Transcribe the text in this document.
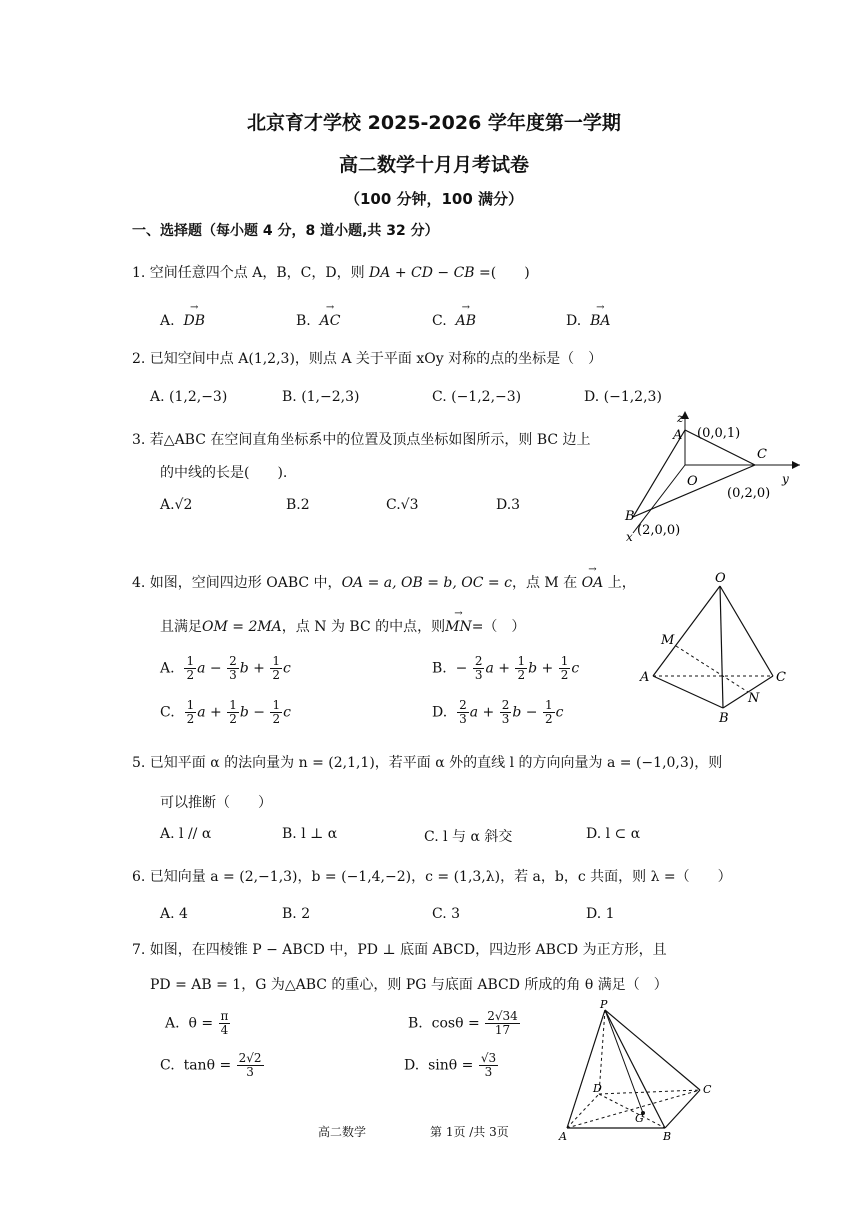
北京育才学校 2025-2026 学年度第一学期
高二数学十月月考试卷
（100 分钟，100 满分）
一、选择题（每小题 4 分，8 道小题,共 32 分）
1. 空间任意四个点 A，B，C，D，则 DA + CD − CB =(　　)
A. → DB	B. → AC	C. → AB	D. → BA
2. 已知空间中点 A(1,2,3)，则点 A 关于平面 xOy 对称的点的坐标是（　）
A. (1,2,−3)	B. (1,−2,3)	C. (−1,2,−3)	D. (−1,2,3)
3. 若△ABC 在空间直角坐标系中的位置及顶点坐标如图所示，则 BC 边上
的中线的长是(　　).
A.√2	B.2	C.√3	D.3
A (0,0,1)
z
C
y
O
(0,2,0)
B
(2,0,0)
x
4. 如图，空间四边形 OABC 中，OA = a, OB = b, OC = c，点 M 在 → OA 上，
且满足OM = 2MA，点 N 为 BC 的中点，则→ MN=（　）
A. $\frac{1}{2}$ $a - \frac{2}{3}$ $b + \frac{1}{2}$ c	B.  − $\frac{2}{3}$ $a + \frac{1}{2}$ $b + \frac{1}{2}$ c
C. $\frac{1}{2}$ $a + \frac{1}{2}$ $b - \frac{1}{2}$ c	D. $\frac{2}{3}$ $a + \frac{2}{3}$ $b - \frac{1}{2}$ c
O
M
A	C
N
B
5. 已知平面 α 的法向量为 n = (2,1,1)，若平面 α 外的直线 l 的方向向量为 a = (−1,0,3)，则
可以推断（　　）
A. l // α	B. l ⊥ α	C. l 与 α 斜交	D. l ⊂ α
6. 已知向量 a = (2,−1,3)，b = (−1,4,−2)，c = (1,3,λ)，若 a，b，c 共面，则 λ =（　　）
A. 4	B. 2	C. 3	D. 1
7. 如图，在四棱锥 P − ABCD 中，PD ⊥ 底面 ABCD，四边形 ABCD 为正方形，且
PD = AB = 1，G 为△ABC 的重心，则 PG 与底面 ABCD 所成的角 θ 满足（　）
A. $\theta = \frac{\pi}{4}$	B. $\cos\theta = \frac{2√34}{17}$
C. $\tan\theta = \frac{2√2}{3}$	D. $\sin\theta = \frac{√3}{3}$
P
D	C
G
A	B
高二数学	第 1页 /共 3页
